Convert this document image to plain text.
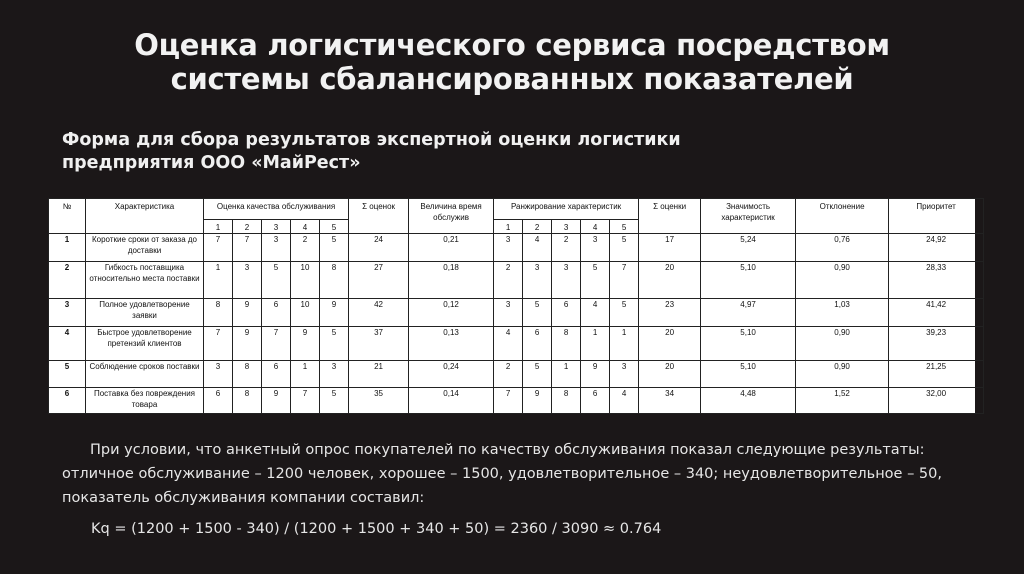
Оценка логистического сервиса посредством
системы сбалансированных показателей
Форма для сбора результатов экспертной оценки логистики
предприятия ООО «МайРест»
№	Характеристика	Оценка качества обслуживания					Σ оценок	Величина время обслужив	Ранжирование характеристик					Σ оценки	Значимость характеристик	Отклонение	Приоритет
		1	2	3	4	5			1	2	3	4	5				
1	Короткие сроки от заказа до доставки	7	7	3	2	5	24	0,21	3	4	2	3	5	17	5,24	0,76	24,92
2	Гибкость поставщика относительно места поставки	1	3	5	10	8	27	0,18	2	3	3	5	7	20	5,10	0,90	28,33
3	Полное удовлетворение заявки	8	9	6	10	9	42	0,12	3	5	6	4	5	23	4,97	1,03	41,42
4	Быстрое удовлетворение претензий клиентов	7	9	7	9	5	37	0,13	4	6	8	1	1	20	5,10	0,90	39,23
5	Соблюдение сроков поставки	3	8	6	1	3	21	0,24	2	5	1	9	3	20	5,10	0,90	21,25
6	Поставка без повреждения товара	6	8	9	7	5	35	0,14	7	9	8	6	4	34	4,48	1,52	32,00
При условии, что анкетный опрос покупателей по качеству обслуживания показал следующие результаты: отличное обслуживание – 1200 человек, хорошее – 1500, удовлетворительное – 340; неудовлетворительное – 50, показатель обслуживания компании составил:
Kq = (1200 + 1500 - 340) / (1200 + 1500 + 340 + 50) = 2360 / 3090 ≈ 0.764
